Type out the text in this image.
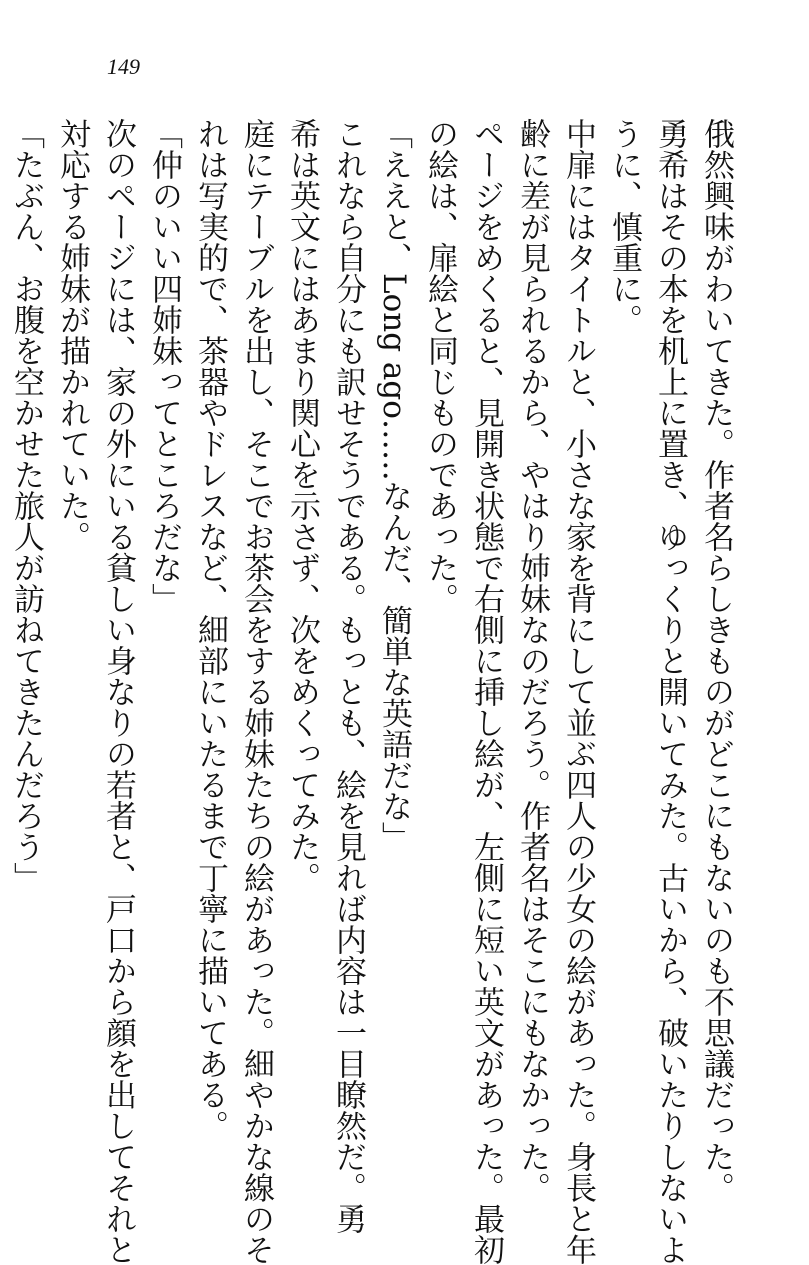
149
俄然興味がわいてきた。作者名らしきものがどこにもないのも不思議だった。
勇希はその本を机上に置き、ゆっくりと開いてみた。古いから、破いたりしないよ
うに、慎重に。
中扉にはタイトルと、小さな家を背にして並ぶ四人の少女の絵があった。身長と年
齢に差が見られるから、やはり姉妹なのだろう。作者名はそこにもなかった。
ページをめくると、見開き状態で右側に挿し絵が、左側に短い英文があった。最初
の絵は、扉絵と同じものであった。
「ええと、Long ago……なんだ、簡単な英語だな」
これなら自分にも訳せそうである。もっとも、絵を見れば内容は一目瞭然だ。勇
希は英文にはあまり関心を示さず、次をめくってみた。
庭にテーブルを出し、そこでお茶会をする姉妹たちの絵があった。細やかな線のそ
れは写実的で、茶器やドレスなど、細部にいたるまで丁寧に描いてある。
「仲のいい四姉妹ってところだな」
次のページには、家の外にいる貧しい身なりの若者と、戸口から顔を出してそれと
対応する姉妹が描かれていた。
「たぶん、お腹を空かせた旅人が訪ねてきたんだろう」
